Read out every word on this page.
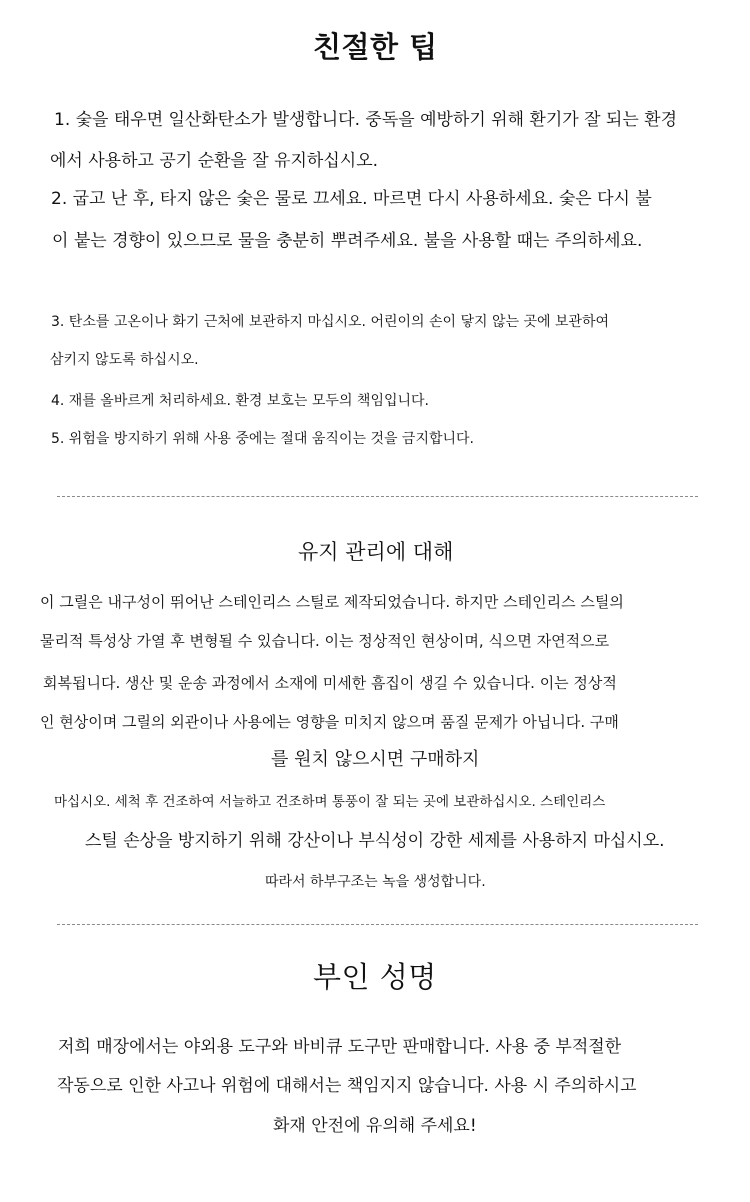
친절한 팁

1. 숯을 태우면 일산화탄소가 발생합니다. 중독을 예방하기 위해 환기가 잘 되는 환경

에서 사용하고 공기 순환을 잘 유지하십시오.

2. 굽고 난 후, 타지 않은 숯은 물로 끄세요. 마르면 다시 사용하세요. 숯은 다시 불

이 붙는 경향이 있으므로 물을 충분히 뿌려주세요. 불을 사용할 때는 주의하세요.

3. 탄소를 고온이나 화기 근처에 보관하지 마십시오. 어린이의 손이 닿지 않는 곳에 보관하여

삼키지 않도록 하십시오.

4. 재를 올바르게 처리하세요. 환경 보호는 모두의 책임입니다.

5. 위험을 방지하기 위해 사용 중에는 절대 움직이는 것을 금지합니다.

유지 관리에 대해

이 그릴은 내구성이 뛰어난 스테인리스 스틸로 제작되었습니다. 하지만 스테인리스 스틸의

물리적 특성상 가열 후 변형될 수 있습니다. 이는 정상적인 현상이며, 식으면 자연적으로

회복됩니다. 생산 및 운송 과정에서 소재에 미세한 흠집이 생길 수 있습니다. 이는 정상적

인 현상이며 그릴의 외관이나 사용에는 영향을 미치지 않으며 품질 문제가 아닙니다. 구매

를 원치 않으시면 구매하지

마십시오. 세척 후 건조하여 서늘하고 건조하며 통풍이 잘 되는 곳에 보관하십시오. 스테인리스

스틸 손상을 방지하기 위해 강산이나 부식성이 강한 세제를 사용하지 마십시오.

따라서 하부구조는 녹을 생성합니다.

부인 성명

저희 매장에서는 야외용 도구와 바비큐 도구만 판매합니다. 사용 중 부적절한

작동으로 인한 사고나 위험에 대해서는 책임지지 않습니다. 사용 시 주의하시고

화재 안전에 유의해 주세요!
